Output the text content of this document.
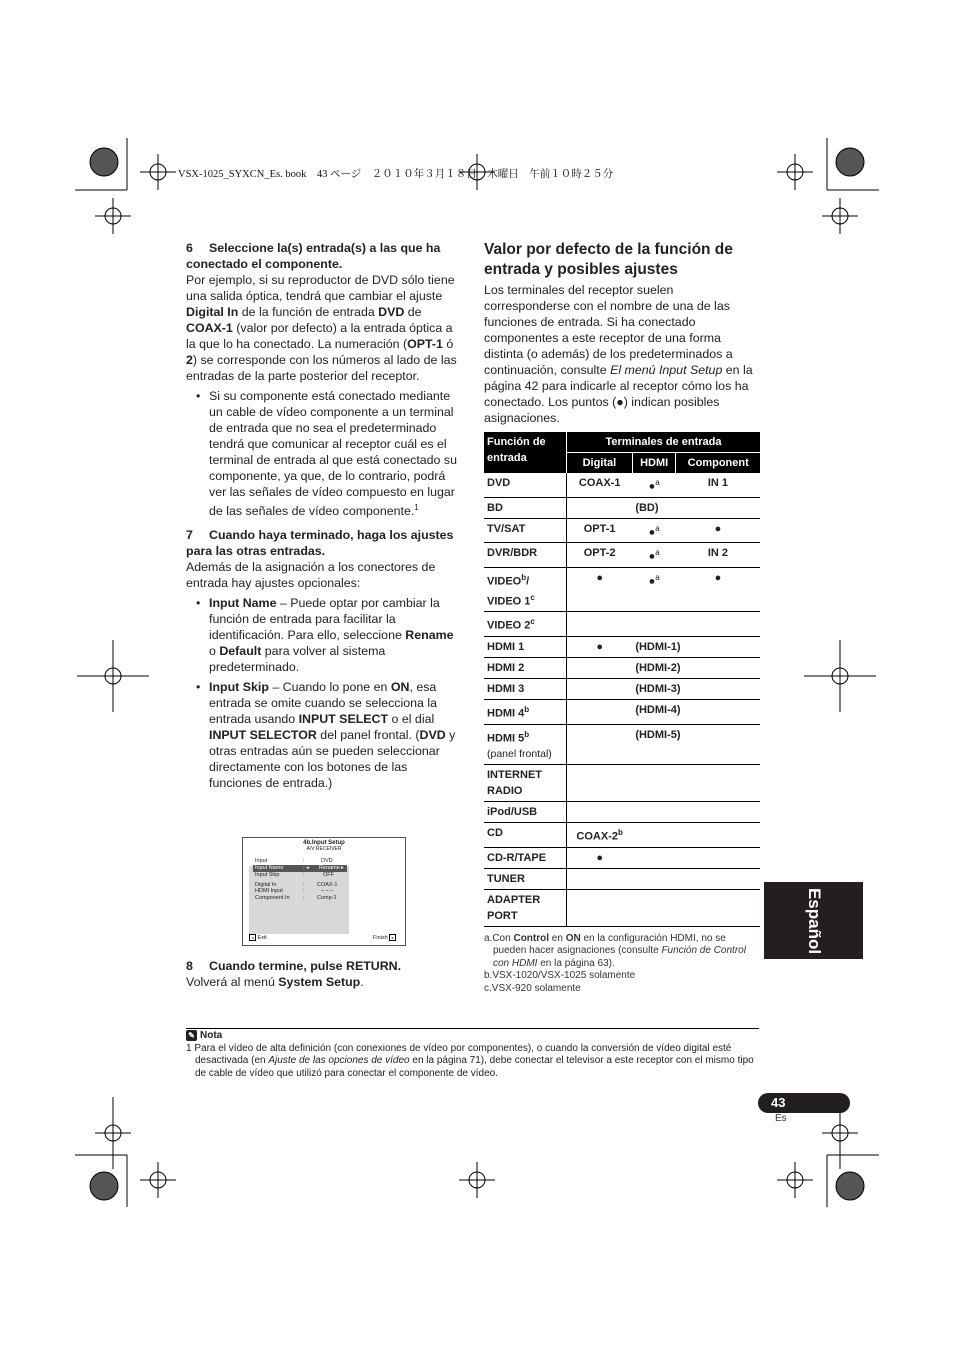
VSX-1025_SYXCN_Es. book　43 ページ　２０１０年３月１８日　木曜日　午前１０時２５分

6 Seleccione la(s) entrada(s) a las que ha conectado el componente.

Por ejemplo, si su reproductor de DVD sólo tiene una salida óptica, tendrá que cambiar el ajuste Digital In de la función de entrada DVD de COAX-1 (valor por defecto) a la entrada óptica a la que lo ha conectado. La numeración (OPT-1 ó 2) se corresponde con los números al lado de las entradas de la parte posterior del receptor.

• Si su componente está conectado mediante un cable de vídeo componente a un terminal de entrada que no sea el predeterminado tendrá que comunicar al receptor cuál es el terminal de entrada al que está conectado su componente, ya que, de lo contrario, podrá ver las señales de vídeo compuesto en lugar de las señales de vídeo componente.$^1$

7 Cuando haya terminado, haga los ajustes para las otras entradas.

Además de la asignación a los conectores de entrada hay ajustes opcionales:

• Input Name – Puede optar por cambiar la función de entrada para facilitar la identificación. Para ello, seleccione Rename o Default para volver al sistema predeterminado.
• Input Skip – Cuando lo pone en ON, esa entrada se omite cuando se selecciona la entrada usando INPUT SELECT o el dial INPUT SELECTOR del panel frontal. (DVD y otras entradas aún se pueden seleccionar directamente con los botones de las funciones de entrada.)
4b.Input Setup
A/V RECEIVER
Input	:	DVD
Input Name	: ◂ Rename ▸
Input Skip	:	OFF
Digital In	: COAX-1
HDMI Input	:	– – –
Component In : Comp-1
◂ Exit	Finish ▸

8 Cuando termine, pulse RETURN.

Volverá al menú System Setup.

Valor por defecto de la función de entrada y posibles ajustes

Los terminales del receptor suelen corresponderse con el nombre de una de las funciones de entrada. Si ha conectado componentes a este receptor de una forma distinta (o además) de los predeterminados a continuación, consulte El menú Input Setup en la página 42 para indicarle al receptor cómo los ha conectado. Los puntos (●) indican posibles asignaciones.

Función de entrada	Terminales de entrada		
	Digital	HDMI	Component
DVD	COAX-1	●$^a$	IN 1
BD		(BD)	
TV/SAT	OPT-1	●$^a$	●
DVR/BDR	OPT-2	●$^a$	IN 2
VIDEO$^b$/ VIDEO 1$^c$	●	●$^a$	●
VIDEO 2$^c$			
HDMI 1	●	(HDMI-1)	
HDMI 2		(HDMI-2)	
HDMI 3		(HDMI-3)	
HDMI 4$^b$		(HDMI-4)	
HDMI 5$^b$
(panel frontal)		(HDMI-5)	
INTERNET RADIO			
iPod/USB			
CD	COAX-2$^b$		
CD-R/TAPE	●		
TUNER			
ADAPTER PORT			

a.Con Control en ON en la configuración HDMI, no se pueden hacer asignaciones (consulte Función de Control con HDMI en la página 63).

b.VSX-1020/VSX-1025 solamente

c.VSX-920 solamente

Español

✎ Nota

1 Para el vídeo de alta definición (con conexiones de vídeo por componentes), o cuando la conversión de vídeo digital esté desactivada (en Ajuste de las opciones de vídeo en la página 71), debe conectar el televisor a este receptor con el mismo tipo de cable de vídeo que utilizó para conectar el componente de vídeo.

43
Es
